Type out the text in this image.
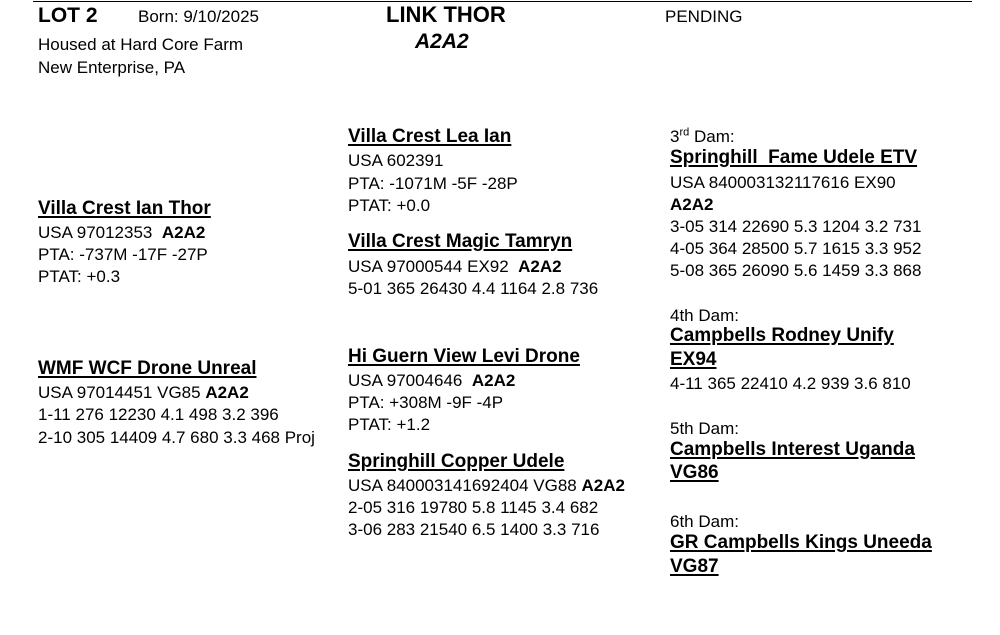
LOT 2 Born: 9/10/2025
Housed at Hard Core Farm
New Enterprise, PA
LINK THOR
A2A2
PENDING
Villa Crest Ian Thor
USA 97012353 A2A2
PTA: -737M -17F -27P
PTAT: +0.3
WMF WCF Drone Unreal
USA 97014451 VG85 A2A2
1-11 276 12230 4.1 498 3.2 396
2-10 305 14409 4.7 680 3.3 468 Proj
Villa Crest Lea Ian
USA 602391
PTA: -1071M -5F -28P
PTAT: +0.0
Villa Crest Magic Tamryn
USA 97000544 EX92 A2A2
5-01 365 26430 4.4 1164 2.8 736
Hi Guern View Levi Drone
USA 97004646 A2A2
PTA: +308M -9F -4P
PTAT: +1.2
Springhill Copper Udele
USA 840003141692404 VG88 A2A2
2-05 316 19780 5.8 1145 3.4 682
3-06 283 21540 6.5 1400 3.3 716
3rd Dam:
Springhill  Fame Udele ETV
USA 840003132117616 EX90
A2A2
3-05 314 22690 5.3 1204 3.2 731
4-05 364 28500 5.7 1615 3.3 952
5-08 365 26090 5.6 1459 3.3 868
4th Dam:
Campbells Rodney Unify
EX94
4-11 365 22410 4.2 939 3.6 810
5th Dam:
Campbells Interest Uganda
VG86
6th Dam:
GR Campbells Kings Uneeda
VG87
